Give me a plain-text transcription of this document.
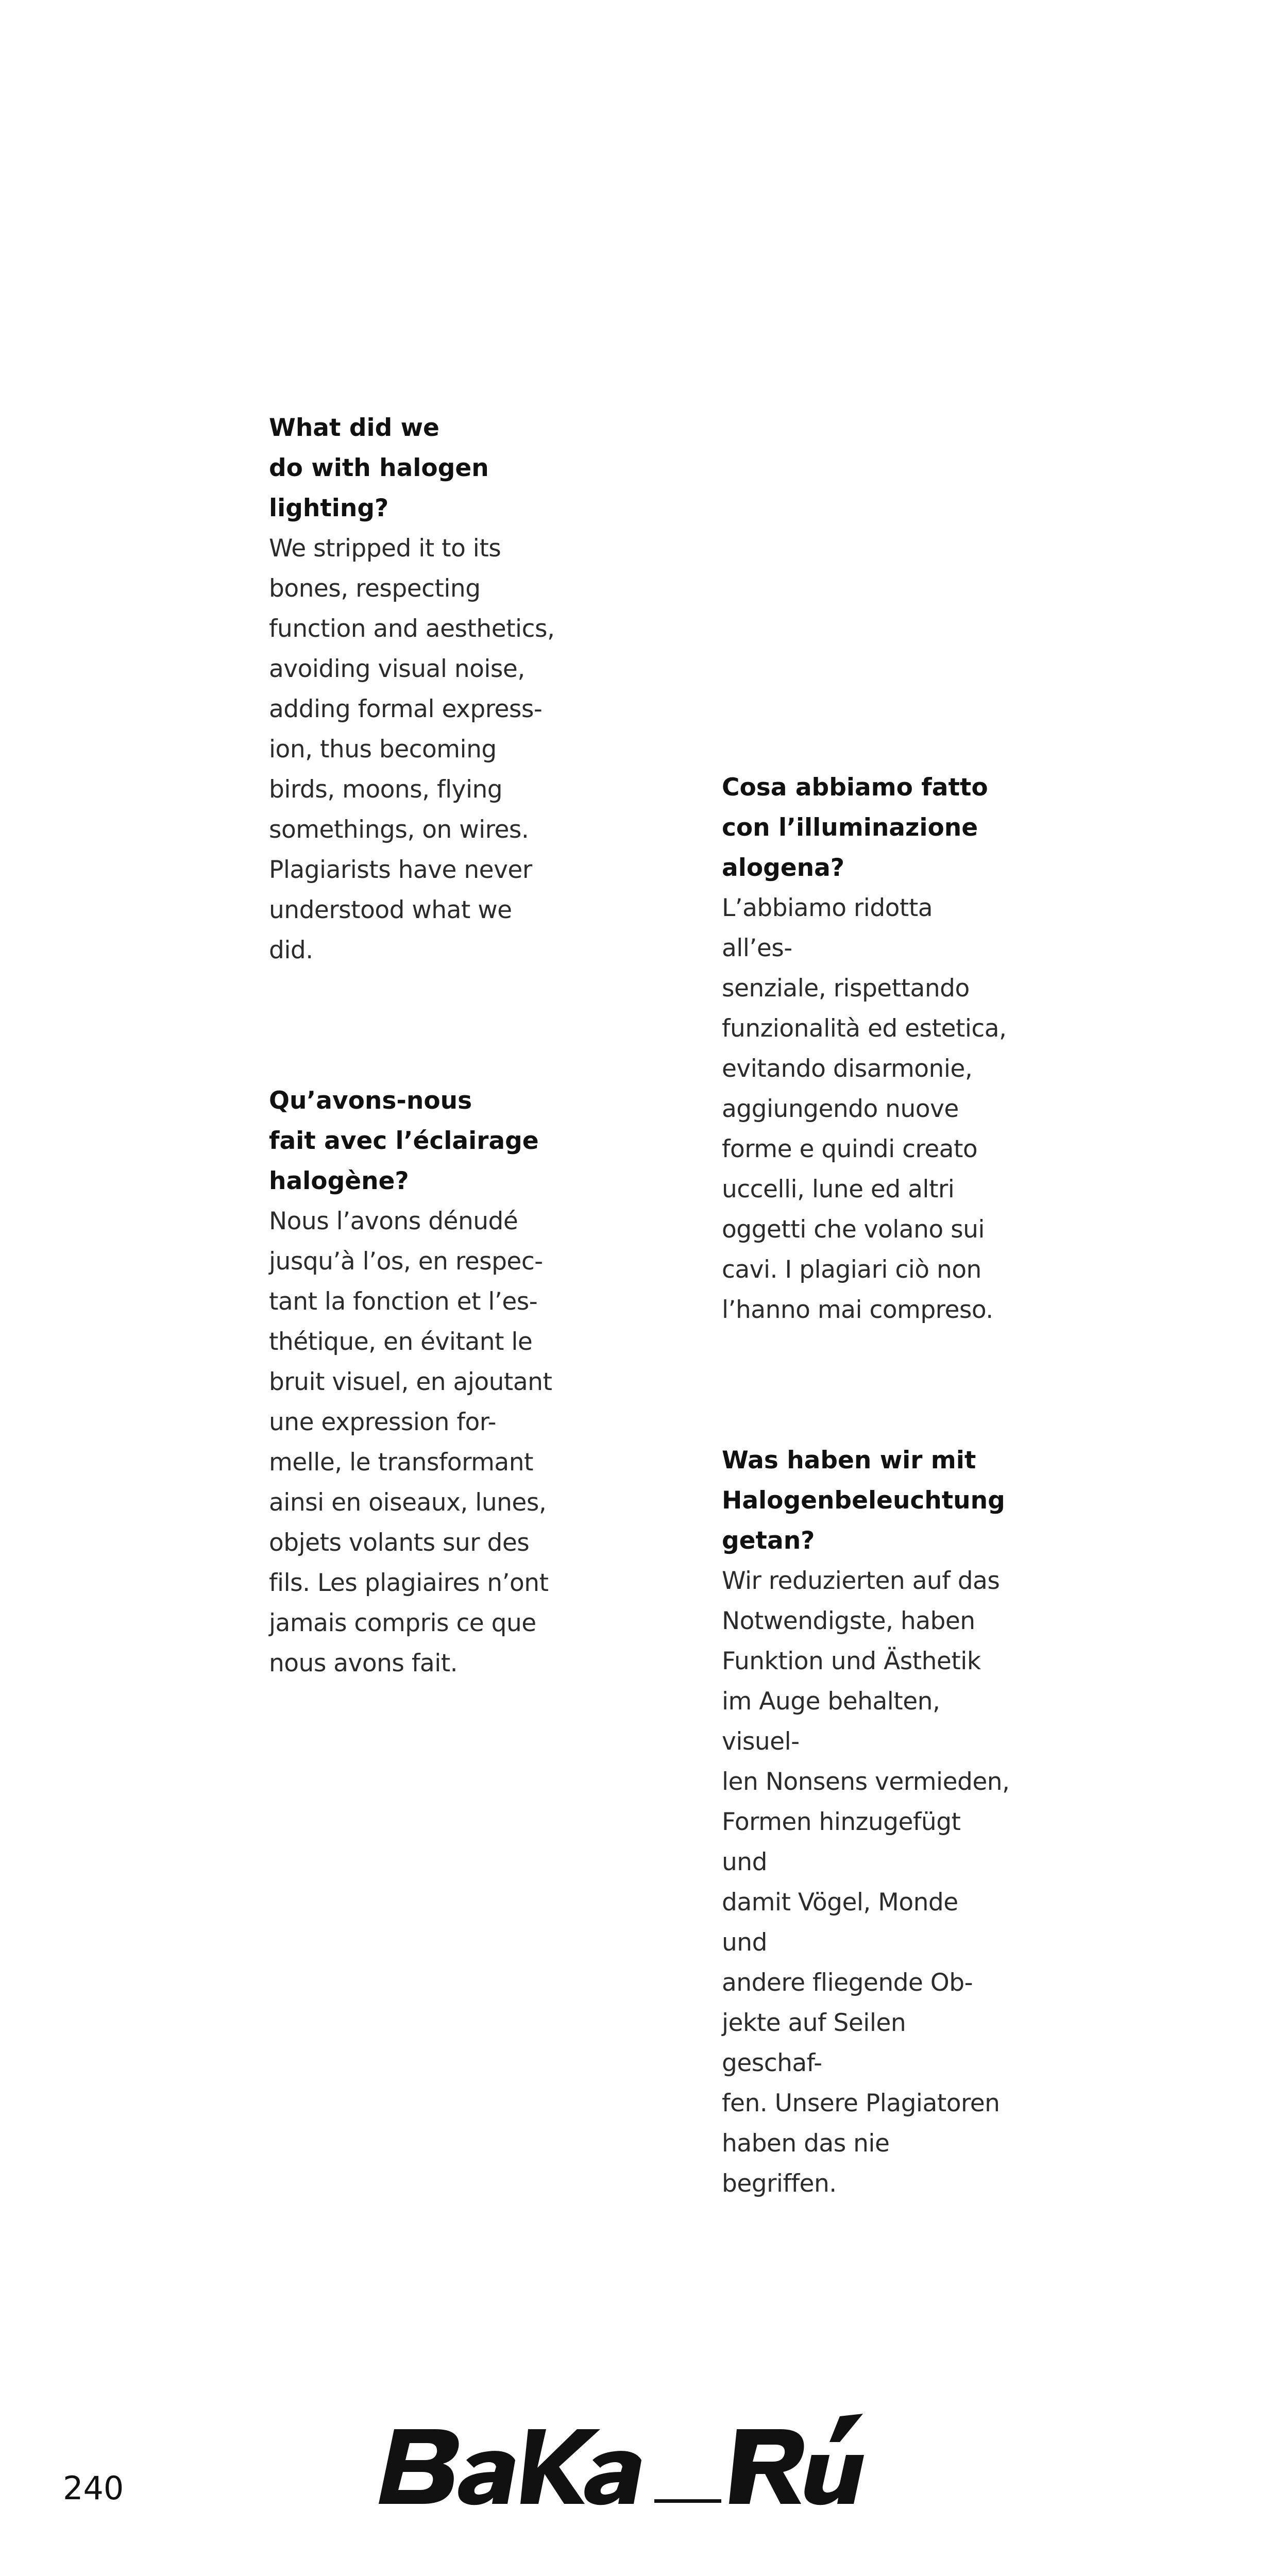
What did we
do with halogen
lighting?

We stripped it to its
bones, respecting
function and aesthetics,
avoiding visual noise,
adding formal express-
ion, thus becoming
birds, moons, flying
somethings, on wires.
Plagiarists have never
understood what we
did.

Cosa abbiamo fatto
con l’illuminazione
alogena?

L’abbiamo ridotta all’es-
senziale, rispettando
funzionalità ed estetica,
evitando disarmonie,
aggiungendo nuove
forme e quindi creato
uccelli, lune ed altri
oggetti che volano sui
cavi. I plagiari ciò non
l’hanno mai compreso.

Qu’avons-nous
fait avec l’éclairage
halogène?

Nous l’avons dénudé
jusqu’à l’os, en respec-
tant la fonction et l’es-
thétique, en évitant le
bruit visuel, en ajoutant
une expression for-
melle, le transformant
ainsi en oiseaux, lunes,
objets volants sur des
fils. Les plagiaires n’ont
jamais compris ce que
nous avons fait.

Was haben wir mit
Halogenbeleuchtung
getan?

Wir reduzierten auf das
Notwendigste, haben
Funktion und Ästhetik
im Auge behalten, visuel-
len Nonsens vermieden,
Formen hinzugefügt und
damit Vögel, Monde und
andere fliegende Ob-
jekte auf Seilen geschaf-
fen. Unsere Plagiatoren
haben das nie begriffen.

240
